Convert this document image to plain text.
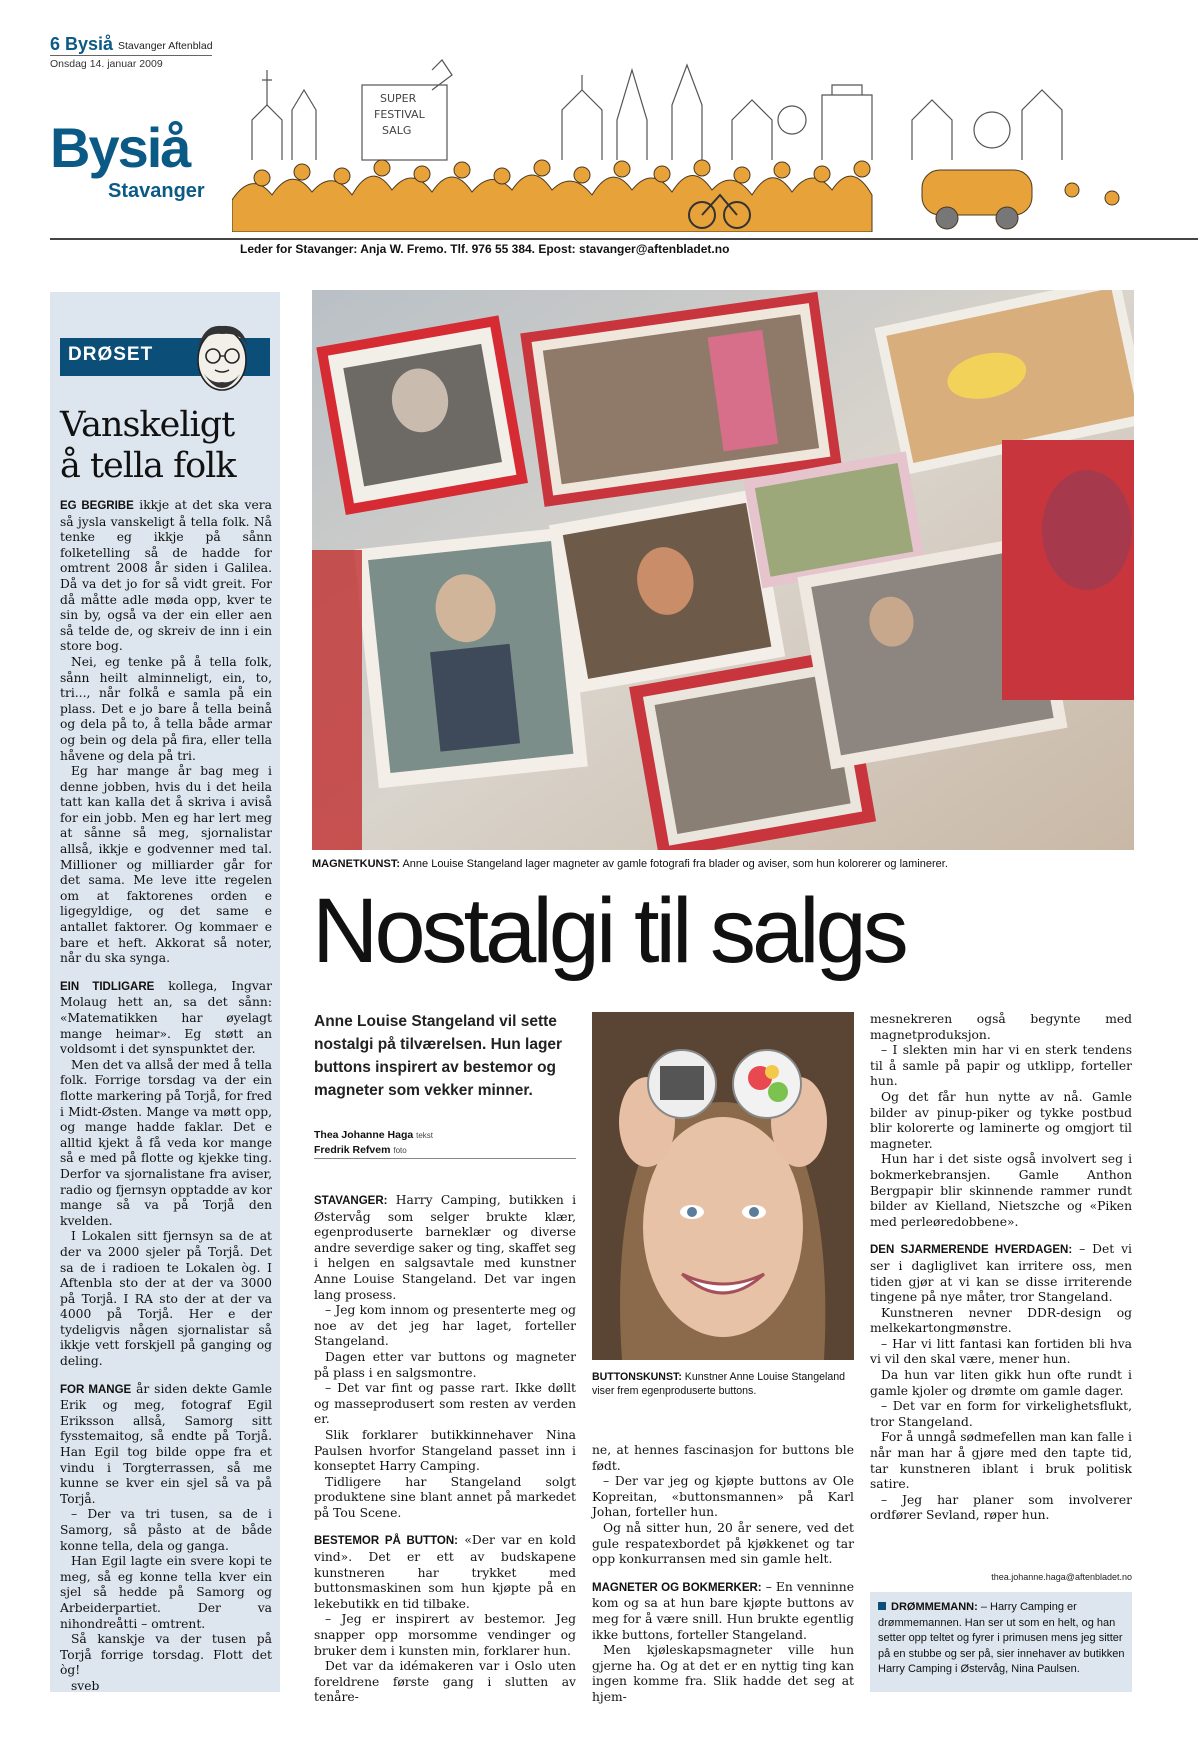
6 Bysiå Stavanger Aftenblad
Onsdag 14. januar 2009
Bysiå
Stavanger
SUPER
FESTIVAL
SALG
Leder for Stavanger: Anja W. Fremo. Tlf. 976 55 384. Epost: stavanger@aftenbladet.no
DRØSET
Vanskeligt
å tella folk

EG BEGRIBE ikkje at det ska vera så jysla vanskeligt å tella folk. Nå tenke eg ikkje på sånn folketelling så de hadde for omtrent 2008 år siden i Galilea. Då va det jo for så vidt greit. For då måtte adle møda opp, kver te sin by, også va der ein eller aen så telde de, og skreiv de inn i ein store bog.

Nei, eg tenke på å tella folk, sånn heilt alminneligt, ein, to, tri..., når folkå e samla på ein plass. Det e jo bare å tella beinå og dela på to, å tella både armar og bein og dela på fira, eller tella håvene og dela på tri.

Eg har mange år bag meg i denne jobben, hvis du i det heila tatt kan kalla det å skriva i aviså for ein jobb. Men eg har lert meg at sånne så meg, sjornalistar allså, ikkje e godvenner med tal. Millioner og milliarder går for det sama. Me leve itte regelen om at faktorenes orden e ligegyldige, og det same e antallet faktorer. Og kommaer e bare et heft. Akkorat så noter, når du ska synga.

EIN TIDLIGARE kollega, Ingvar Molaug hett an, sa det sånn: «Matematikken har øyelagt mange heimar». Eg støtt an voldsomt i det synspunktet der.

Men det va allså der med å tella folk. Forrige torsdag va der ein flotte markering på Torjå, for fred i Midt-Østen. Mange va møtt opp, og mange hadde faklar. Det e alltid kjekt å få veda kor mange så e med på flotte og kjekke ting. Derfor va sjornalistane fra aviser, radio og fjernsyn opptadde av kor mange så va på Torjå den kvelden.

I Lokalen sitt fjernsyn sa de at der va 2000 sjeler på Torjå. Det sa de i radioen te Lokalen òg. I Aftenbla sto der at der va 3000 på Torjå. I RA sto der at der va 4000 på Torjå. Her e der tydeligvis någen sjornalistar så ikkje vett forskjell på ganging og deling.

FOR MANGE år siden dekte Gamle Erik og meg, fotograf Egil Eriksson allså, Samorg sitt fysstemaitog, så endte på Torjå. Han Egil tog bilde oppe fra et vindu i Torgterrassen, så me kunne se kver ein sjel så va på Torjå.

– Der va tri tusen, sa de i Samorg, så påsto at de både konne tella, dela og ganga.

Han Egil lagte ein svere kopi te meg, så eg konne tella kver ein sjel så hedde på Samorg og Arbeiderpartiet. Der va nihondreåtti – omtrent.

Så kanskje va der tusen på Torjå forrige torsdag. Flott det òg!

sveb

MAGNETKUNST: Anne Louise Stangeland lager magneter av gamle fotografi fra blader og aviser, som hun kolorerer og laminerer.
Nostalgi til salgs
Anne Louise Stangeland vil sette nostalgi på tilværelsen. Hun lager buttons inspirert av bestemor og magneter som vekker minner.
Thea Johanne Haga tekst
Fredrik Refvem foto

STAVANGER: Harry Camping, butikken i Østervåg som selger brukte klær, egenproduserte barneklær og diverse andre severdige saker og ting, skaffet seg i helgen en salgsavtale med kunstner Anne Louise Stangeland. Det var ingen lang prosess.

– Jeg kom innom og presenterte meg og noe av det jeg har laget, forteller Stangeland.

Dagen etter var buttons og magneter på plass i en salgsmontre.

– Det var fint og passe rart. Ikke døllt og masseprodusert som resten av verden er.

Slik forklarer butikkinnehaver Nina Paulsen hvorfor Stangeland passet inn i konseptet Harry Camping.

Tidligere har Stangeland solgt produktene sine blant annet på markedet på Tou Scene.

BESTEMOR PÅ BUTTON: «Der var en kold vind». Det er ett av budskapene kunstneren har trykket med buttonsmaskinen som hun kjøpte på en lekebutikk en tid tilbake.

– Jeg er inspirert av bestemor. Jeg snapper opp morsomme vendinger og bruker dem i kunsten min, forklarer hun.

Det var da idémakeren var i Oslo uten foreldrene første gang i slutten av tenåre-

BUTTONSKUNST: Kunstner Anne Louise Stangeland viser frem egenproduserte buttons.

ne, at hennes fascinasjon for buttons ble født.

– Der var jeg og kjøpte buttons av Ole Kopreitan, «buttonsmannen» på Karl Johan, forteller hun.

Og nå sitter hun, 20 år senere, ved det gule respatexbordet på kjøkkenet og tar opp konkurransen med sin gamle helt.

MAGNETER OG BOKMERKER: – En venninne kom og sa at hun bare kjøpte buttons av meg for å være snill. Hun brukte egentlig ikke buttons, forteller Stangeland.

Men kjøleskapsmagneter ville hun gjerne ha. Og at det er en nyttig ting kan ingen komme fra. Slik hadde det seg at hjem-

mesnekreren også begynte med magnetproduksjon.

– I slekten min har vi en sterk tendens til å samle på papir og utklipp, forteller hun.

Og det får hun nytte av nå. Gamle bilder av pinup-piker og tykke postbud blir kolorerte og laminerte og omgjort til magneter.

Hun har i det siste også involvert seg i bokmerkebransjen. Gamle Anthon Bergpapir blir skinnende rammer rundt bilder av Kielland, Nietszche og «Piken med perleøredobbene».

DEN SJARMERENDE HVERDAGEN: – Det vi ser i dagliglivet kan irritere oss, men tiden gjør at vi kan se disse irriterende tingene på nye måter, tror Stangeland.

Kunstneren nevner DDR-design og melkekartongmønstre.

– Har vi litt fantasi kan fortiden bli hva vi vil den skal være, mener hun.

Da hun var liten gikk hun ofte rundt i gamle kjoler og drømte om gamle dager.

– Det var en form for virkelighetsflukt, tror Stangeland.

For å unngå sødmefellen man kan falle i når man har å gjøre med den tapte tid, tar kunstneren iblant i bruk politisk satire.

– Jeg har planer som involverer ordfører Sevland, røper hun.

thea.johanne.haga@aftenbladet.no
DRØMMEMANN: – Harry Camping er drømmemannen. Han ser ut som en helt, og han setter opp teltet og fyrer i primusen mens jeg sitter på en stubbe og ser på, sier innehaver av butikken Harry Camping i Østervåg, Nina Paulsen.
